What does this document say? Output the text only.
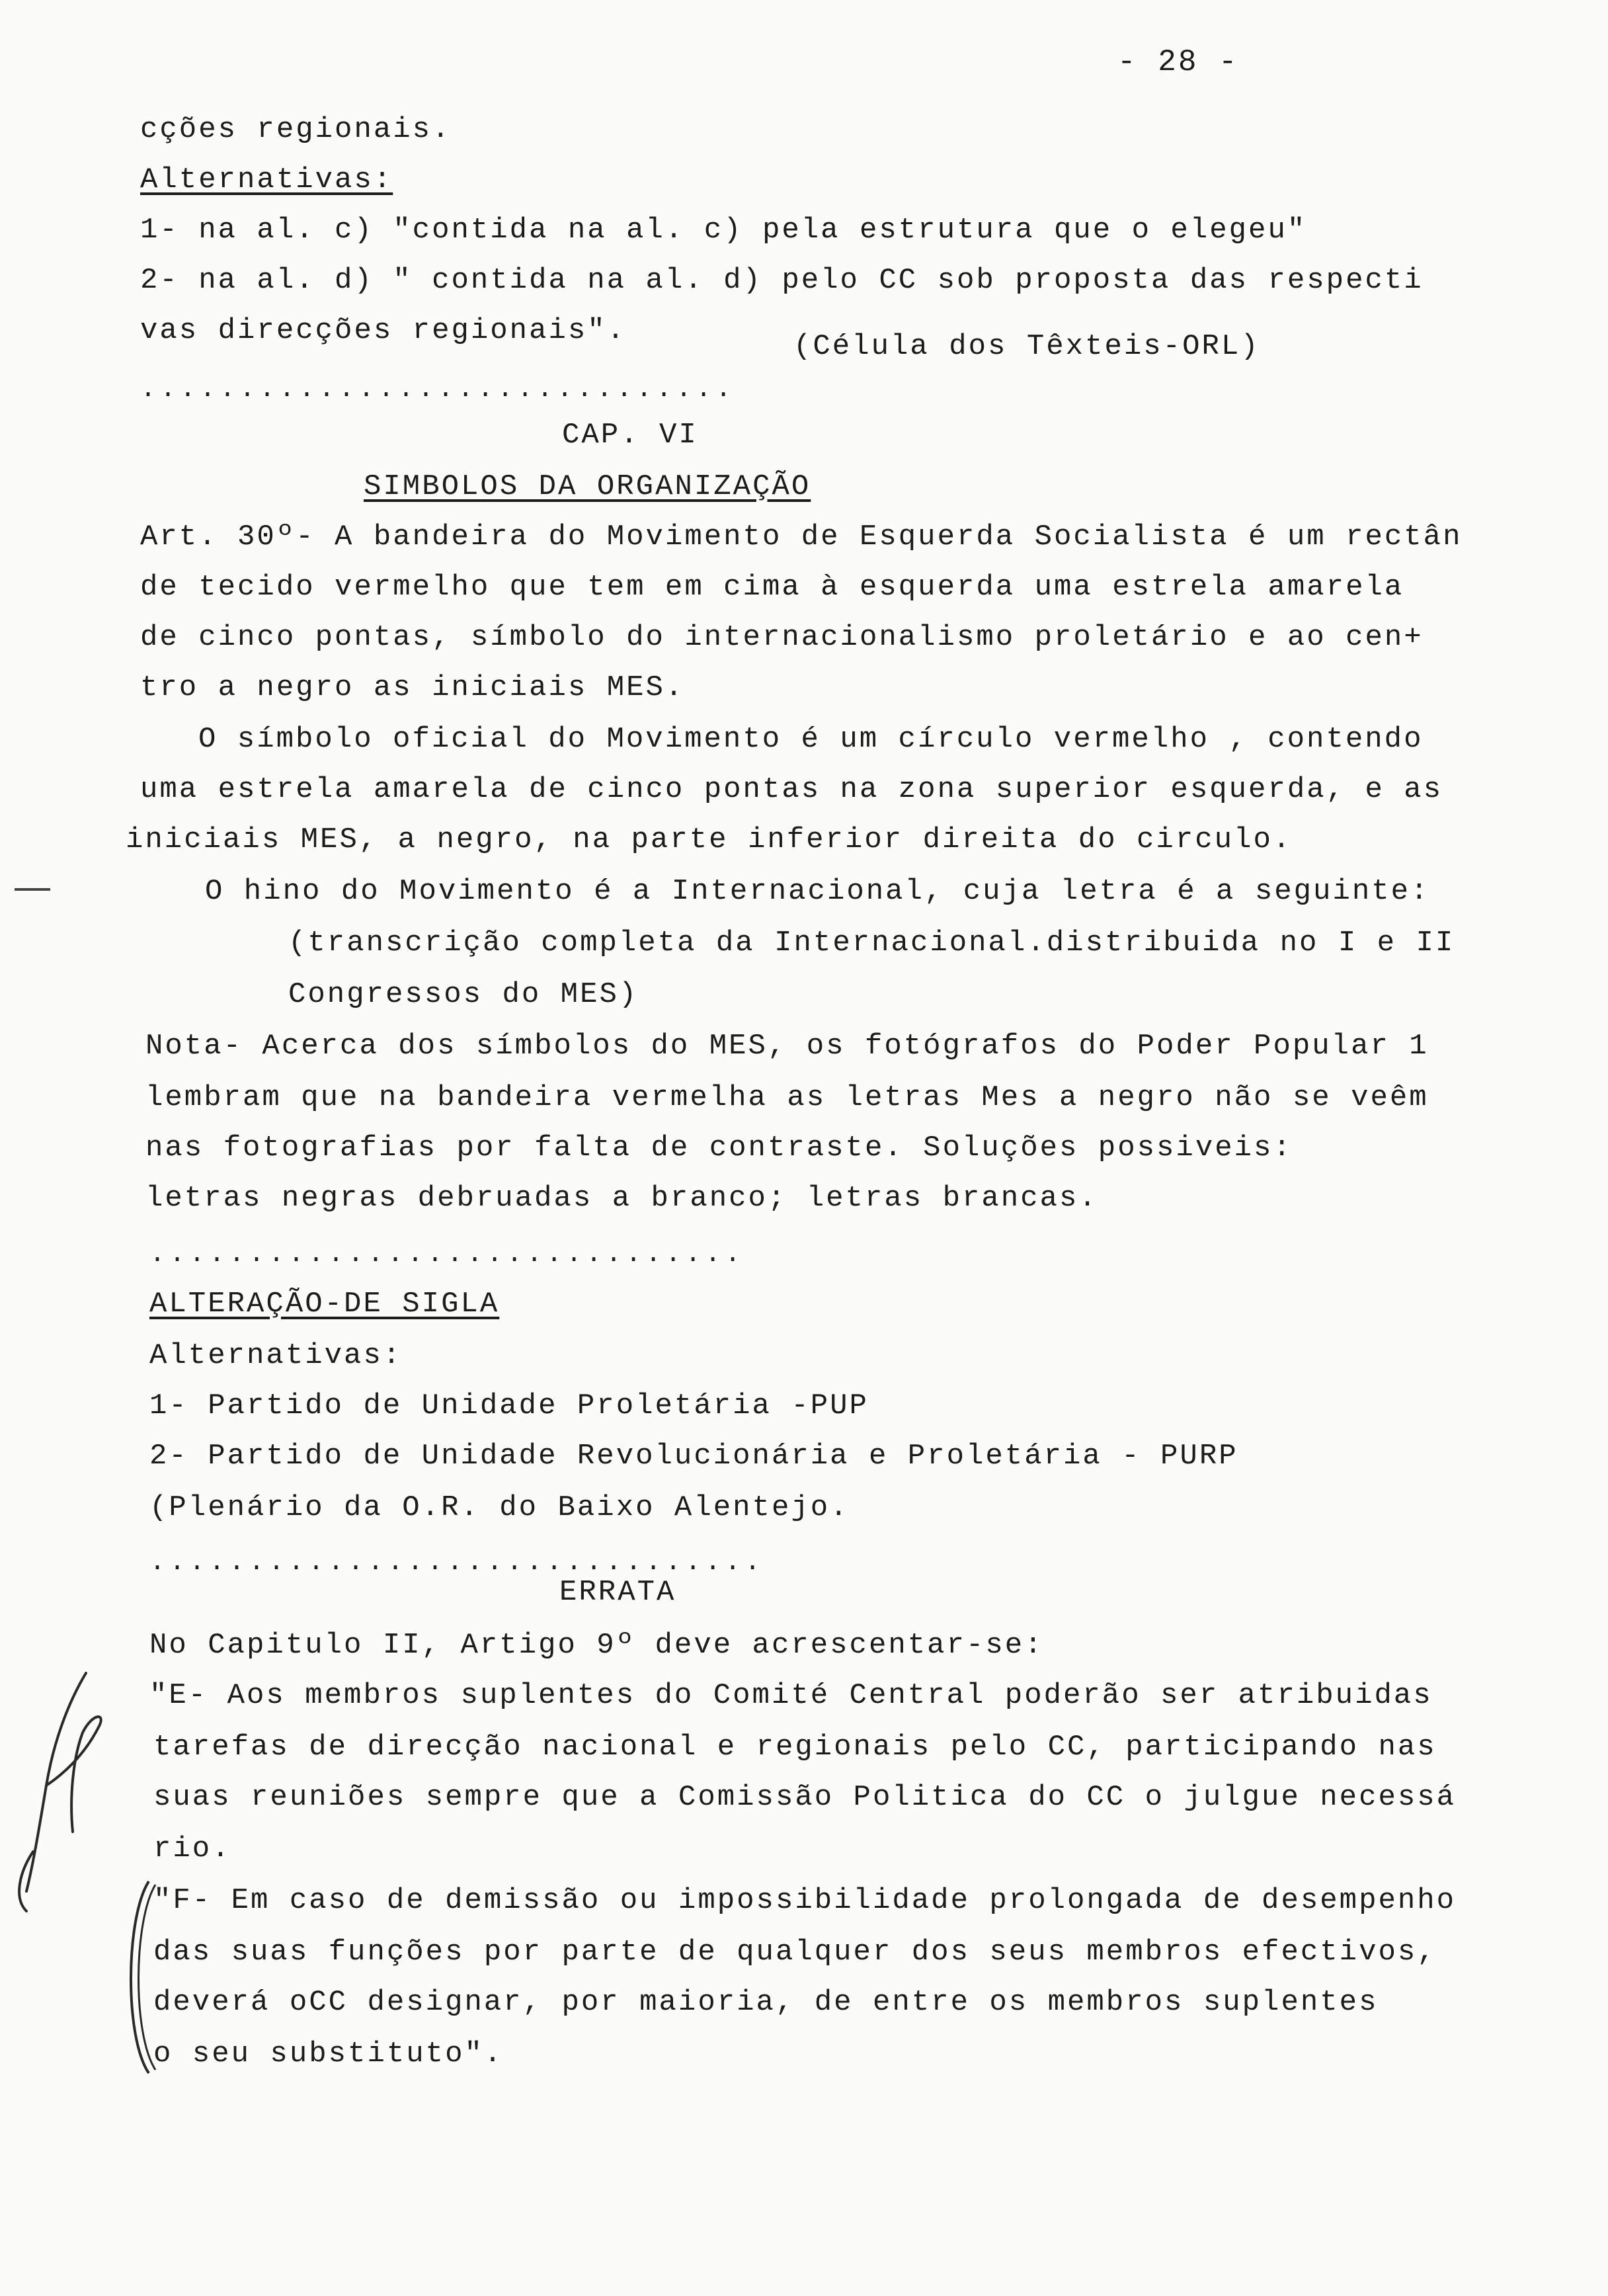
- 28 -
cções regionais.
Alternativas:
1- na al. c) "contida na al. c) pela estrutura que o elegeu"
2- na al. d) " contida na al. d) pelo CC sob proposta das respecti
vas direcções regionais".	(Célula dos Têxteis-ORL)
..............................
CAP. VI
SIMBOLOS DA ORGANIZAÇÃO
Art. 30º- A bandeira do Movimento de Esquerda Socialista é um rectân
de tecido vermelho que tem em cima à esquerda uma estrela amarela
de cinco pontas, símbolo do internacionalismo proletário e ao cen+
tro a negro as iniciais MES.
O símbolo oficial do Movimento é um círculo vermelho , contendo
uma estrela amarela de cinco pontas na zona superior esquerda, e as
iniciais MES, a negro, na parte inferior direita do circulo.
O hino do Movimento é a Internacional, cuja letra é a seguinte:
(transcrição completa da Internacional.distribuida no I e II
Congressos do MES)
Nota- Acerca dos símbolos do MES, os fotógrafos do Poder Popular 1
lembram que na bandeira vermelha as letras Mes a negro não se veêm
nas fotografias por falta de contraste. Soluções possiveis:
letras negras debruadas a branco; letras brancas.
..............................
ALTERAÇÃO-DE SIGLA
Alternativas:
1- Partido de Unidade Proletária -PUP
2- Partido de Unidade Revolucionária e Proletária - PURP
(Plenário da O.R. do Baixo Alentejo.
...............................
ERRATA
No Capitulo II, Artigo 9º deve acrescentar-se:
"E- Aos membros suplentes do Comité Central poderão ser atribuidas
tarefas de direcção nacional e regionais pelo CC, participando nas
suas reuniões sempre que a Comissão Politica do CC o julgue necessá
rio.
"F- Em caso de demissão ou impossibilidade prolongada de desempenho
das suas funções por parte de qualquer dos seus membros efectivos,
deverá oCC designar, por maioria, de entre os membros suplentes
o seu substituto".
